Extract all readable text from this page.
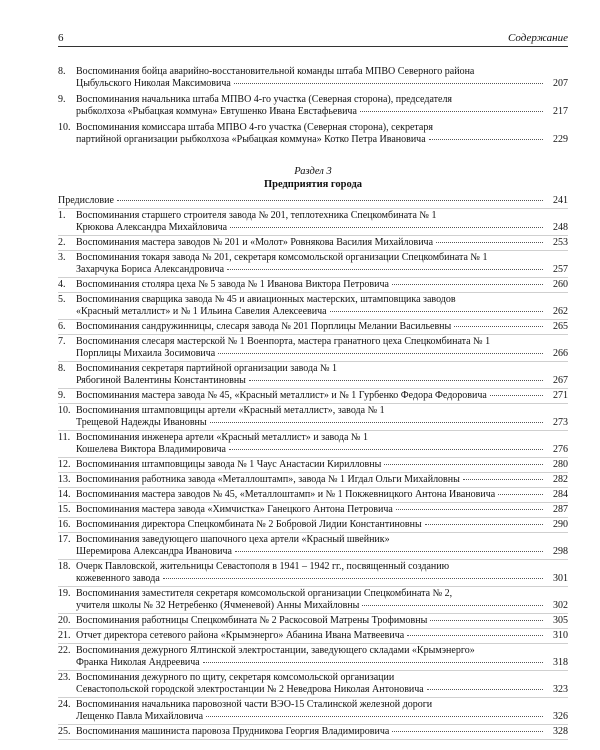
6	Содержание
8.	Воспоминания бойца аварийно-восстановительной команды штаба МПВО Северного района
Цыбульского Николая Максимовича	207
9.	Воспоминания начальника штаба МПВО 4-го участка (Северная сторона), председателя
рыбколхоза «Рыбацкая коммуна» Евтушенко Ивана Евстафьевича	217
10. Воспоминания комиссара штаба МПВО 4-го участка (Северная сторона), секретаря
партийной организации рыбколхоза «Рыбацкая коммуна» Котко Петра Ивановича	229
Раздел 3
Предприятия города
Предисловие	241
1.	Воспоминания старшего строителя завода № 201, теплотехника Спецкомбината № 1
Крюкова Александра Михайловича	248
2.	Воспоминания мастера заводов № 201 и «Молот» Ровнякова Василия Михайловича	253
3.	Воспоминания токаря завода № 201, секретаря комсомольской организации Спецкомбината № 1
Захарчука Бориса Александровича	257
4.	Воспоминания столяра цеха № 5 завода № 1 Иванова Виктора Петровича	260
5.	Воспоминания сварщика завода № 45 и авиационных мастерских, штамповщика заводов
«Красный металлист» и № 1 Ильина Савелия Алексеевича	262
6.	Воспоминания сандружинницы, слесаря завода № 201 Порплицы Мелании Васильевны	265
7.	Воспоминания слесаря мастерской № 1 Военпорта, мастера гранатного цеха Спецкомбината № 1
Порплицы Михаила Зосимовича	266
8.	Воспоминания секретаря партийной организации завода № 1
Рябогиной Валентины Константиновны	267
9.	Воспоминания мастера завода № 45, «Красный металлист» и № 1 Гурбенко Федора Федоровича	271
10. Воспоминания штамповщицы артели «Красный металлист», завода № 1
Трещевой Надежды Ивановны	273
11. Воспоминания инженера артели «Красный металлист» и завода № 1
Кошелева Виктора Владимировича	276
12. Воспоминания штамповщицы завода № 1 Чаус Анастасии Кирилловны	280
13. Воспоминания работника завода «Металлоштамп», завода № 1 Игдал Ольги Михайловны	282
14. Воспоминания мастера заводов № 45, «Металлоштамп» и № 1 Покжевницкого Антона Ивановича	284
15. Воспоминания мастера завода «Химчистка» Ганецкого Антона Петровича	287
16. Воспоминания директора Спецкомбината № 2 Бобровой Лидии Константиновны	290
17. Воспоминания заведующего шапочного цеха артели «Красный швейник»
Шеремирова Александра Ивановича	298
18. Очерк Павловской, жительницы Севастополя в 1941 – 1942 гг., посвященный созданию
кожевенного завода	301
19. Воспоминания заместителя секретаря комсомольской организации Спецкомбината № 2,
учителя школы № 32 Нетребенко (Ячменевой) Анны Михайловны	302
20. Воспоминания работницы Спецкомбината № 2 Раскосовой Матрены Трофимовны	305
21. Отчет директора сетевого района «Крымэнерго» Абанина Ивана Матвеевича	310
22. Воспоминания дежурного Ялтинской электростанции, заведующего складами «Крымэнерго»
Франка Николая Андреевича	318
23. Воспоминания дежурного по щиту, секретаря комсомольской организации
Севастопольской городской электростанции № 2 Неведрова Николая Антоновича	323
24. Воспоминания начальника паровозной части ВЭО-15 Сталинской железной дороги
Лещенко Павла Михайловича	326
25. Воспоминания машиниста паровоза Прудникова Георгия Владимировича	328
